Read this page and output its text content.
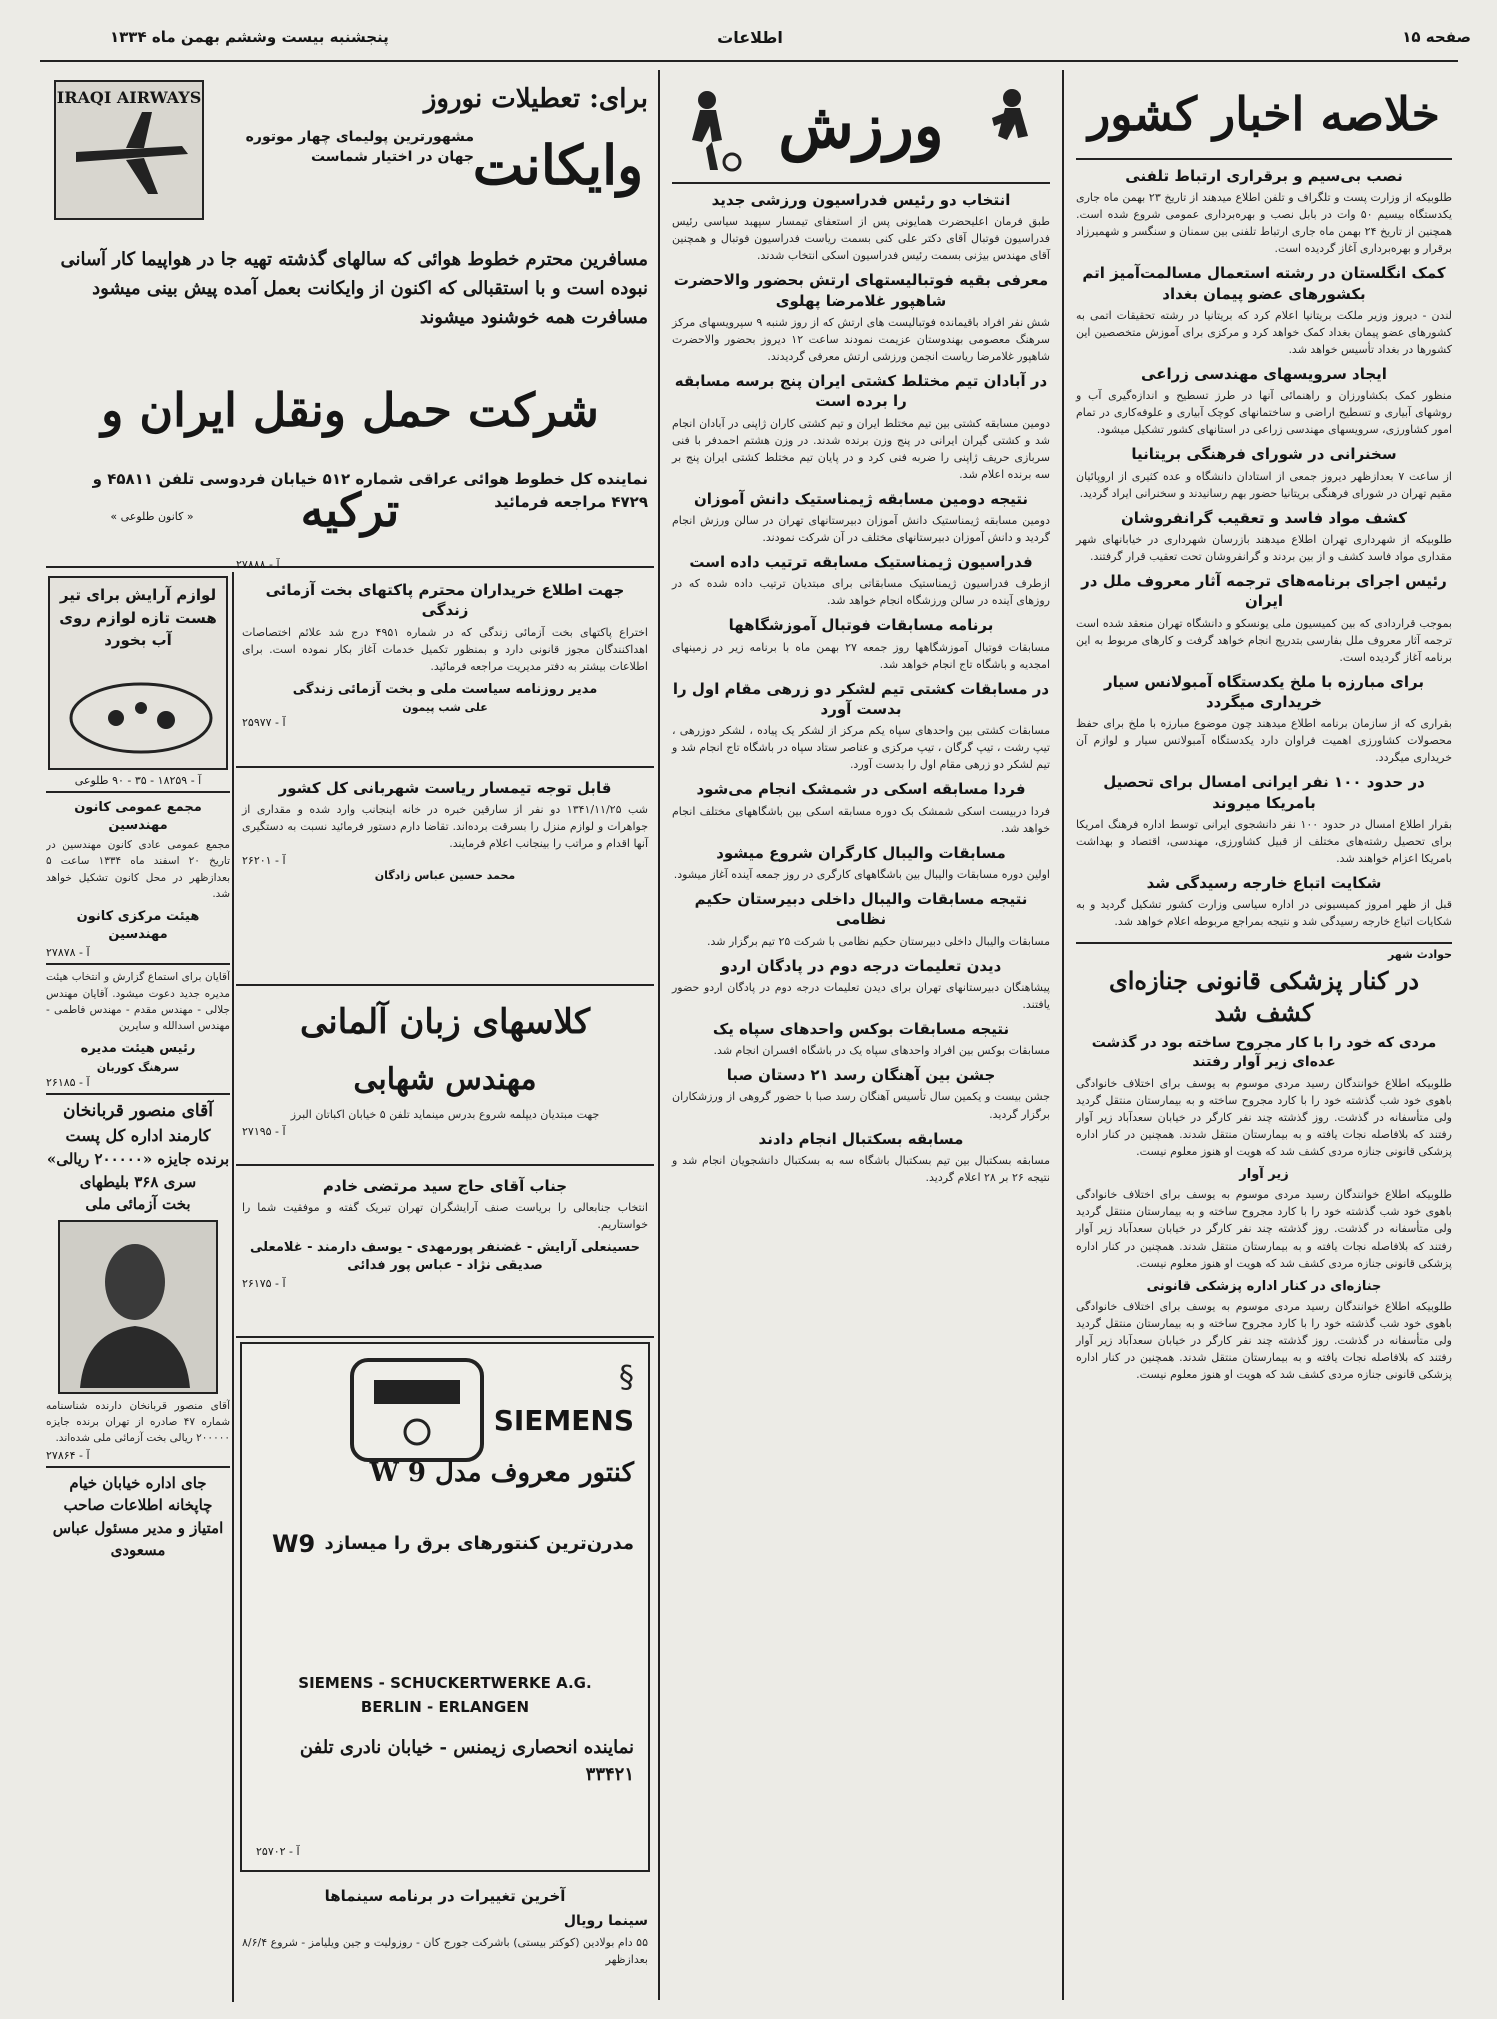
صفحه ۱۵
اطلاعات
پنجشنبه بیست وششم بهمن ماه ۱۳۳۴
خلاصه اخبار کشور
نصب بی‌سیم و برقراری ارتباط تلفنی
طلوبیکه از وزارت پست و تلگراف و تلفن اطلاع میدهند از تاریخ ۲۳ بهمن ماه جاری یکدستگاه بیسیم ۵۰ وات در بابل نصب و بهره‌برداری عمومی شروع شده است. همچنین از تاریخ ۲۴ بهمن ماه جاری ارتباط تلفنی بین سمنان و سنگسر و شهمیرزاد برقرار و بهره‌برداری آغاز گردیده است.
کمک انگلستان در رشته استعمال مسالمت‌آمیز اتم بکشورهای عضو پیمان بغداد
لندن - دیروز وزیر ملکت بریتانیا اعلام کرد که بریتانیا در رشته تحقیقات اتمی به کشورهای عضو پیمان بغداد کمک خواهد کرد و مرکزی برای آموزش متخصصین این کشورها در بغداد تأسیس خواهد شد.
ایجاد سرویسهای مهندسی زراعی
منظور کمک بکشاورزان و راهنمائی آنها در طرز تسطیح و اندازه‌گیری آب و روشهای آبیاری و تسطیح اراضی و ساختمانهای کوچک آبیاری و علوفه‌کاری در تمام امور کشاورزی، سرویسهای مهندسی زراعی در استانهای کشور تشکیل میشود.
سخنرانی در شورای فرهنگی بریتانیا
از ساعت ۷ بعدازظهر دیروز جمعی از استادان دانشگاه و عده کثیری از اروپائیان مقیم تهران در شورای فرهنگی بریتانیا حضور بهم رسانیدند و سخنرانی ایراد گردید.
کشف مواد فاسد و تعقیب گرانفروشان
طلوبیکه از شهرداری تهران اطلاع میدهند بازرسان شهرداری در خیابانهای شهر مقداری مواد فاسد کشف و از بین بردند و گرانفروشان تحت تعقیب قرار گرفتند.
رئیس اجرای برنامه‌های ترجمه آثار معروف ملل در ایران
بموجب قراردادی که بین کمیسیون ملی یونسکو و دانشگاه تهران منعقد شده است ترجمه آثار معروف ملل بفارسی بتدریج انجام خواهد گرفت و کارهای مربوط به این برنامه آغاز گردیده است.
برای مبارزه با ملخ یکدستگاه آمبولانس سیار خریداری میگردد
بقراری که از سازمان برنامه اطلاع میدهند چون موضوع مبارزه با ملخ برای حفظ محصولات کشاورزی اهمیت فراوان دارد یکدستگاه آمبولانس سیار و لوازم آن خریداری میگردد.
در حدود ۱۰۰ نفر ایرانی امسال برای تحصیل بامریکا میروند
بقرار اطلاع امسال در حدود ۱۰۰ نفر دانشجوی ایرانی توسط اداره فرهنگ امریکا برای تحصیل رشته‌های مختلف از قبیل کشاورزی، مهندسی، اقتصاد و بهداشت بامریکا اعزام خواهند شد.
شکایت اتباع خارجه رسیدگی شد
قبل از ظهر امروز کمیسیونی در اداره سیاسی وزارت کشور تشکیل گردید و به شکایات اتباع خارجه رسیدگی شد و نتیجه بمراجع مربوطه اعلام خواهد شد.
حوادث شهر
در کنار پزشکی قانونی جنازه‌ای کشف شد
مردی که خود را با کار مجروح ساخته بود در گذشت عده‌ای زیر آوار رفتند
طلوبیکه اطلاع خوانندگان رسید مردی موسوم به یوسف برای اختلاف خانوادگی باهوی خود شب گذشته خود را با کارد مجروح ساخته و به بیمارستان منتقل گردید ولی متأسفانه در گذشت. روز گذشته چند نفر کارگر در خیابان سعدآباد زیر آوار رفتند که بلافاصله نجات یافته و به بیمارستان منتقل شدند. همچنین در کنار اداره پزشکی قانونی جنازه مردی کشف شد که هویت او هنوز معلوم نیست.
زیر آوار
طلوبیکه اطلاع خوانندگان رسید مردی موسوم به یوسف برای اختلاف خانوادگی باهوی خود شب گذشته خود را با کارد مجروح ساخته و به بیمارستان منتقل گردید ولی متأسفانه در گذشت. روز گذشته چند نفر کارگر در خیابان سعدآباد زیر آوار رفتند که بلافاصله نجات یافته و به بیمارستان منتقل شدند. همچنین در کنار اداره پزشکی قانونی جنازه مردی کشف شد که هویت او هنوز معلوم نیست.
جنازه‌ای در کنار اداره پزشکی قانونی
طلوبیکه اطلاع خوانندگان رسید مردی موسوم به یوسف برای اختلاف خانوادگی باهوی خود شب گذشته خود را با کارد مجروح ساخته و به بیمارستان منتقل گردید ولی متأسفانه در گذشت. روز گذشته چند نفر کارگر در خیابان سعدآباد زیر آوار رفتند که بلافاصله نجات یافته و به بیمارستان منتقل شدند. همچنین در کنار اداره پزشکی قانونی جنازه مردی کشف شد که هویت او هنوز معلوم نیست.
ورزش
انتخاب دو رئیس فدراسیون ورزشی جدید
طبق فرمان اعلیحضرت همایونی پس از استعفای تیمسار سپهبد سیاسی رئیس فدراسیون فوتبال آقای دکتر علی کنی بسمت ریاست فدراسیون فوتبال و همچنین آقای مهندس بیژنی بسمت رئیس فدراسیون اسکی انتخاب شدند.
معرفی بقیه فوتبالیستهای ارتش بحضور والاحضرت شاهپور غلامرضا پهلوی
شش نفر افراد باقیمانده فوتبالیست های ارتش که از روز شنبه ۹ سپرویسهای مرکز سرهنگ معصومی بهندوستان عزیمت نمودند ساعت ۱۲ دیروز بحضور والاحضرت شاهپور غلامرضا ریاست انجمن ورزشی ارتش معرفی گردیدند.
در آبادان تیم مختلط کشتی ایران پنج برسه مسابقه را برده است
دومین مسابقه کشتی بین تیم مختلط ایران و تیم کشتی کاران ژاپنی در آبادان انجام شد و کشتی گیران ایرانی در پنج وزن برنده شدند. در وزن هشتم احمدفر با فنی سربازی حریف ژاپنی را ضربه فنی کرد و در پایان تیم مختلط کشتی ایران پنج بر سه برنده اعلام شد.
نتیجه دومین مسابقه ژیمناستیک دانش آموزان
دومین مسابقه ژیمناستیک دانش آموزان دبیرستانهای تهران در سالن ورزش انجام گردید و دانش آموزان دبیرستانهای مختلف در آن شرکت نمودند.
فدراسیون ژیمناستیک مسابقه ترتیب داده است
ازطرف فدراسیون ژیمناستیک مسابقاتی برای مبتدیان ترتیب داده شده که در روزهای آینده در سالن ورزشگاه انجام خواهد شد.
برنامه مسابقات فوتبال آموزشگاهها
مسابقات فوتبال آموزشگاهها روز جمعه ۲۷ بهمن ماه با برنامه زیر در زمینهای امجدیه و باشگاه تاج انجام خواهد شد.
در مسابقات کشتی تیم لشکر دو زرهی مقام اول را بدست آورد
مسابقات کشتی بین واحدهای سپاه یکم مرکز از لشکر یک پیاده ، لشکر دوزرهی ، تیپ رشت ، تیپ گرگان ، تیپ مرکزی و عناصر ستاد سپاه در باشگاه تاج انجام شد و تیم لشکر دو زرهی مقام اول را بدست آورد.
فردا مسابقه اسکی در شمشک انجام می‌شود
فردا دربیست اسکی شمشک بک دوره مسابقه اسکی بین باشگاههای مختلف انجام خواهد شد.
مسابقات والیبال کارگران شروع میشود
اولین دوره مسابقات والیبال بین باشگاههای کارگری در روز جمعه آینده آغاز میشود.
نتیجه مسابقات والیبال داخلی دبیرستان حکیم نظامی
مسابقات والیبال داخلی دبیرستان حکیم نظامی با شرکت ۲۵ تیم برگزار شد.
دیدن تعلیمات درجه دوم در پادگان اردو
پیشاهنگان دبیرستانهای تهران برای دیدن تعلیمات درجه دوم در پادگان اردو حضور یافتند.
نتیجه مسابقات بوکس واحدهای سپاه یک
مسابقات بوکس بین افراد واحدهای سپاه یک در باشگاه افسران انجام شد.
جشن بین آهنگان رسد ۲۱ دستان صبا
جشن بیست و یکمین سال تأسیس آهنگان رسد صبا با حضور گروهی از ورزشکاران برگزار گردید.
مسابقه بسکتبال انجام دادند
مسابقه بسکتبال بین تیم بسکتبال باشگاه سه به بسکتبال دانشجویان انجام شد و نتیجه ۲۶ بر ۲۸ اعلام گردید.
IRAQI AIRWAYS	برای: تعطیلات نوروز
مشهورترین پولیمای چهار موتوره جهان در اختیار شماست
وایکانت
مسافرین محترم خطوط هوائی که سالهای گذشته تهیه جا در هواپیما کار آسانی نبوده است و با استقبالی که اکنون از وایکانت بعمل آمده پیش بینی میشود مسافرت همه خوشنود میشوند
شرکت حمل ونقل ایران و ترکیه
نماینده کل خطوط هوائی عراقی شماره ۵۱۲ خیابان فردوسی تلفن ۴۵۸۱۱ و ۴۷۲۹ مراجعه فرمائید
« کانون طلوعی »
جهت اطلاع خریداران محترم پاکتهای بخت آزمائی زندگی
اختراع پاکتهای بخت آزمائی زندگی که در شماره ۴۹۵۱ درج شد علائم اختصاصات اهداکنندگان مجوز قانونی دارد و بمنظور تکمیل خدمات آغاز بکار نموده است. برای اطلاعات بیشتر به دفتر مدیریت مراجعه فرمائید.
مدیر روزنامه سیاست ملی و بخت آزمائی زندگی
علی شب پیمون
آ - ۲۵۹۷۷
آ - ۲۷۸۸۸
قابل توجه تیمسار ریاست شهربانی کل کشور
شب ۱۳۴۱/۱۱/۲۵ دو نفر از سارقین خبره در خانه اینجانب وارد شده و مقداری از جواهرات و لوازم منزل را بسرقت برده‌اند. تقاضا دارم دستور فرمائید نسبت به دستگیری آنها اقدام و مراتب را بینجانب اعلام فرمایند.
آ - ۲۶۲۰۱
محمد حسین عباس زادگان
کلاسهای زبان آلمانی
مهندس شهابی
جهت مبتدیان دیپلمه شروع بدرس مینماید تلفن ۵ خیابان اکباتان البرز
آ - ۲۷۱۹۵
جناب آقای حاج سید مرتضی خادم
انتخاب جنابعالی را بریاست صنف آرایشگران تهران تبریک گفته و موفقیت شما را خواستاریم.
حسینعلی آرایش - غضنفر پورمهدی - یوسف دارمند - غلامعلی صدیقی نژاد - عباس پور فدائی
آ - ۲۶۱۷۵
§
SIEMENS
کنتور معروف مدل W 9
مدرن‌ترین کنتورهای برق را میسازد
W9
SIEMENS - SCHUCKERTWERKE A.G.
BERLIN - ERLANGEN
نماینده انحصاری زیمنس - خیابان نادری تلفن ۳۳۴۲۱
آ - ۲۵۷۰۲
آخرین تغییرات در برنامه سینماها
سینما رویال
۵۵ دام بولادین (کوکتر بیستی) باشرکت جورج کان - روزولیت و جین ویلیامز - شروع ۸/۶/۴ بعدازظهر
لوازم آرایش برای تیر هست تازه لوازم روی آب بخورد
آ - ۱۸۲۵۹ - ۳۵ - ۹۰ طلوعی
مجمع عمومی کانون مهندسین
مجمع عمومی عادی کانون مهندسین در تاریخ ۲۰ اسفند ماه ۱۳۳۴ ساعت ۵ بعدازظهر در محل کانون تشکیل خواهد شد.
هیئت مرکزی کانون مهندسین
آ - ۲۷۸۷۸
آقایان برای استماع گزارش و انتخاب هیئت مدیره جدید دعوت میشود. آقایان مهندس جلالی - مهندس مقدم - مهندس فاطمی - مهندس اسدالله و سایرین
رئیس هیئت مدیره
سرهنگ کوربان
آ - ۲۶۱۸۵
آقای منصور قربانخان
کارمند اداره کل پست
برنده جایزه «۲۰۰۰۰۰ ریالی»
سری ۳۶۸ بلیطهای
بخت آزمائی ملی
آقای منصور قربانخان دارنده شناسنامه شماره ۴۷ صادره از تهران برنده جایزه ۲۰۰۰۰۰ ریالی بخت آزمائی ملی شده‌اند.
آ - ۲۷۸۶۴
جای اداره خیابان خیام چاپخانه اطلاعات صاحب امتیاز و مدیر مسئول عباس مسعودی
